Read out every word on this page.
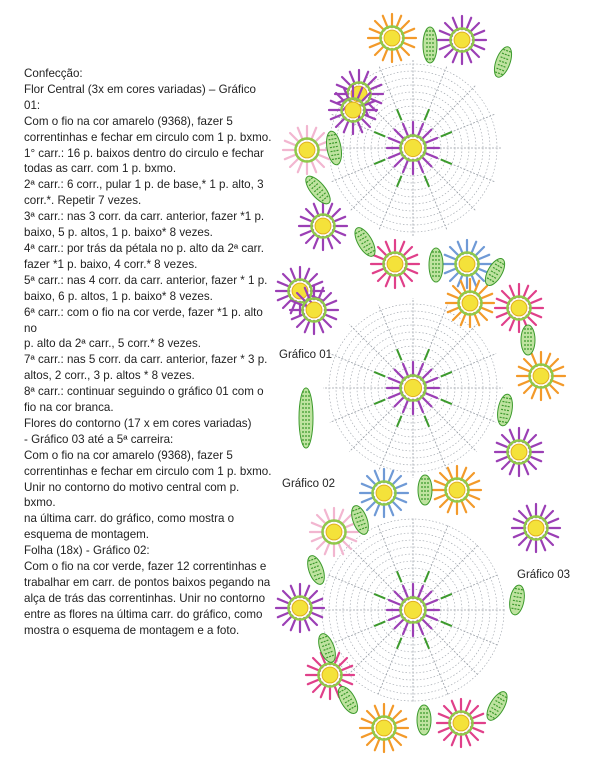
Confecção:
Flor Central (3x em cores variadas) – Gráfico 01:
Com o fio na cor amarelo (9368), fazer 5
correntinhas e fechar em circulo com 1 p. bxmo.
1° carr.: 16 p. baixos dentro do circulo e fechar
todas as carr. com 1 p. bxmo.
2ª carr.: 6 corr., pular 1 p. de base,* 1 p. alto, 3
corr.*. Repetir 7 vezes.
3ª carr.: nas 3 corr. da carr. anterior, fazer *1 p.
baixo, 5 p. altos, 1 p. baixo* 8 vezes.
4ª carr.: por trás da pétala no p. alto da 2ª carr.
fazer *1 p. baixo, 4 corr.* 8 vezes.
5ª carr.: nas 4 corr. da carr. anterior, fazer * 1 p.
baixo, 6 p. altos, 1 p. baixo* 8 vezes.
6ª carr.: com o fio na cor verde, fazer *1 p. alto no
p. alto da 2ª carr., 5 corr.* 8 vezes.
7ª carr.: nas 5 corr. da carr. anterior, fazer * 3 p.
altos, 2 corr., 3 p. altos * 8 vezes.
8ª carr.: continuar seguindo o gráfico 01 com o
fio na cor branca.
Flores do contorno (17 x em cores variadas)
- Gráfico 03 até a 5ª carreira:
Com o fio na cor amarelo (9368), fazer 5
correntinhas e fechar em circulo com 1 p. bxmo.
Unir no contorno do motivo central com p. bxmo.
na última carr. do gráfico, como mostra o
esquema de montagem.
Folha (18x) - Gráfico 02:
Com o fio na cor verde, fazer 12 correntinhas e
trabalhar em carr. de pontos baixos pegando na
alça de trás das correntinhas. Unir no contorno
entre as flores na última carr. do gráfico, como
mostra o esquema de montagem e a foto.
Gráfico 01
Gráfico 02
Gráfico 03
